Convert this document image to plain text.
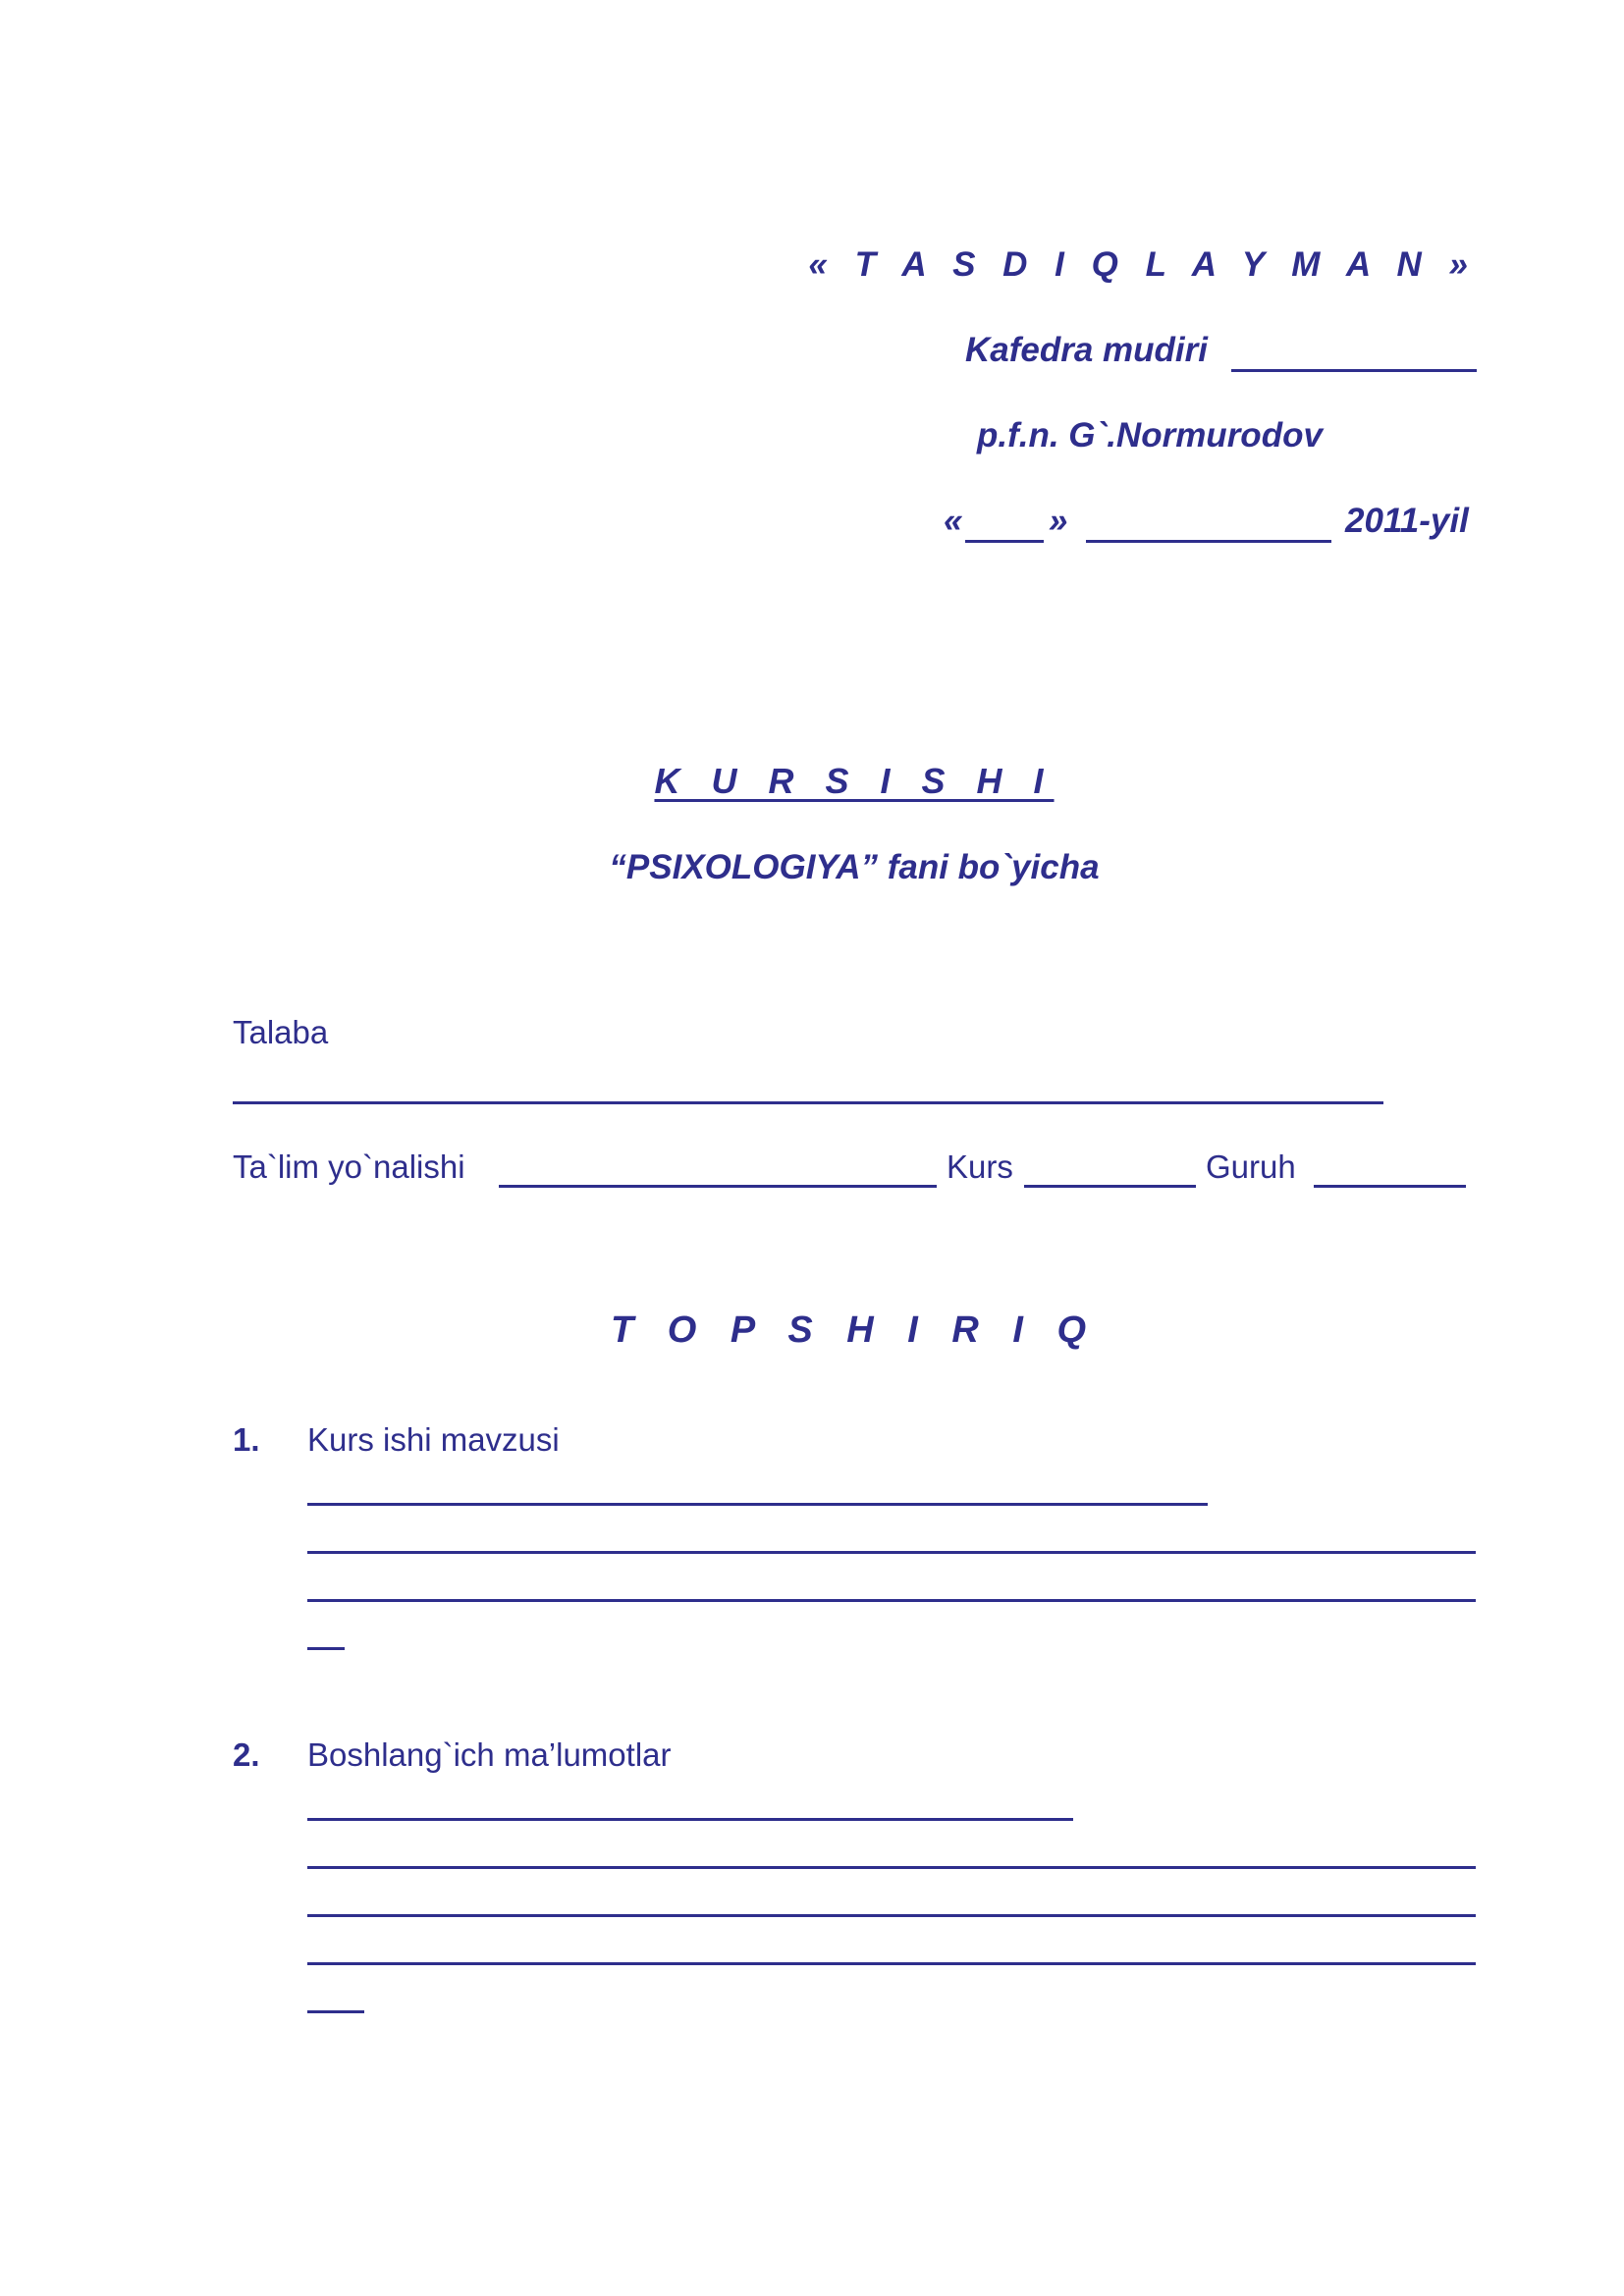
« T A S D I Q L A Y M A N »
Kafedra mudiri
p.f.n. G`.Normurodov
«	»	2011-yil
K U R S I S H I
“PSIXOLOGIYA” fani bo`yicha
Talaba
Ta`lim yo`nalishi	Kurs	Guruh
T O P S H I R I Q
1. Kurs ishi mavzusi
2. Boshlang`ich ma’lumotlar
